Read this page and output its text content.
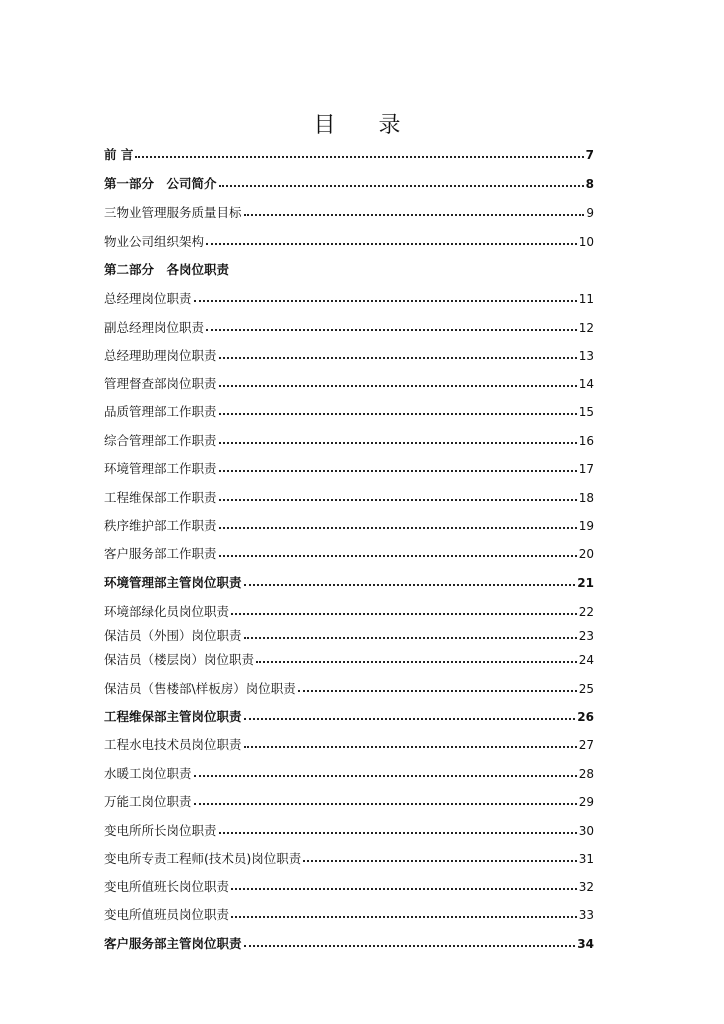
目 录
前 言	7
第一部分　公司简介	8
三物业管理服务质量目标	9
物业公司组织架构	10
第二部分　各岗位职责
总经理岗位职责	11
副总经理岗位职责	12
总经理助理岗位职责	13
管理督查部岗位职责	14
品质管理部工作职责	15
综合管理部工作职责	16
环境管理部工作职责	17
工程维保部工作职责	18
秩序维护部工作职责	19
客户服务部工作职责	20
环境管理部主管岗位职责	21
环境部绿化员岗位职责	22
保洁员（外围）岗位职责	23
保洁员（楼层岗）岗位职责	24
保洁员（售楼部\样板房）岗位职责	25
工程维保部主管岗位职责	26
工程水电技术员岗位职责	27
水暖工岗位职责	28
万能工岗位职责	29
变电所所长岗位职责	30
变电所专责工程师(技术员)岗位职责	31
变电所值班长岗位职责	32
变电所值班员岗位职责	33
客户服务部主管岗位职责	34
